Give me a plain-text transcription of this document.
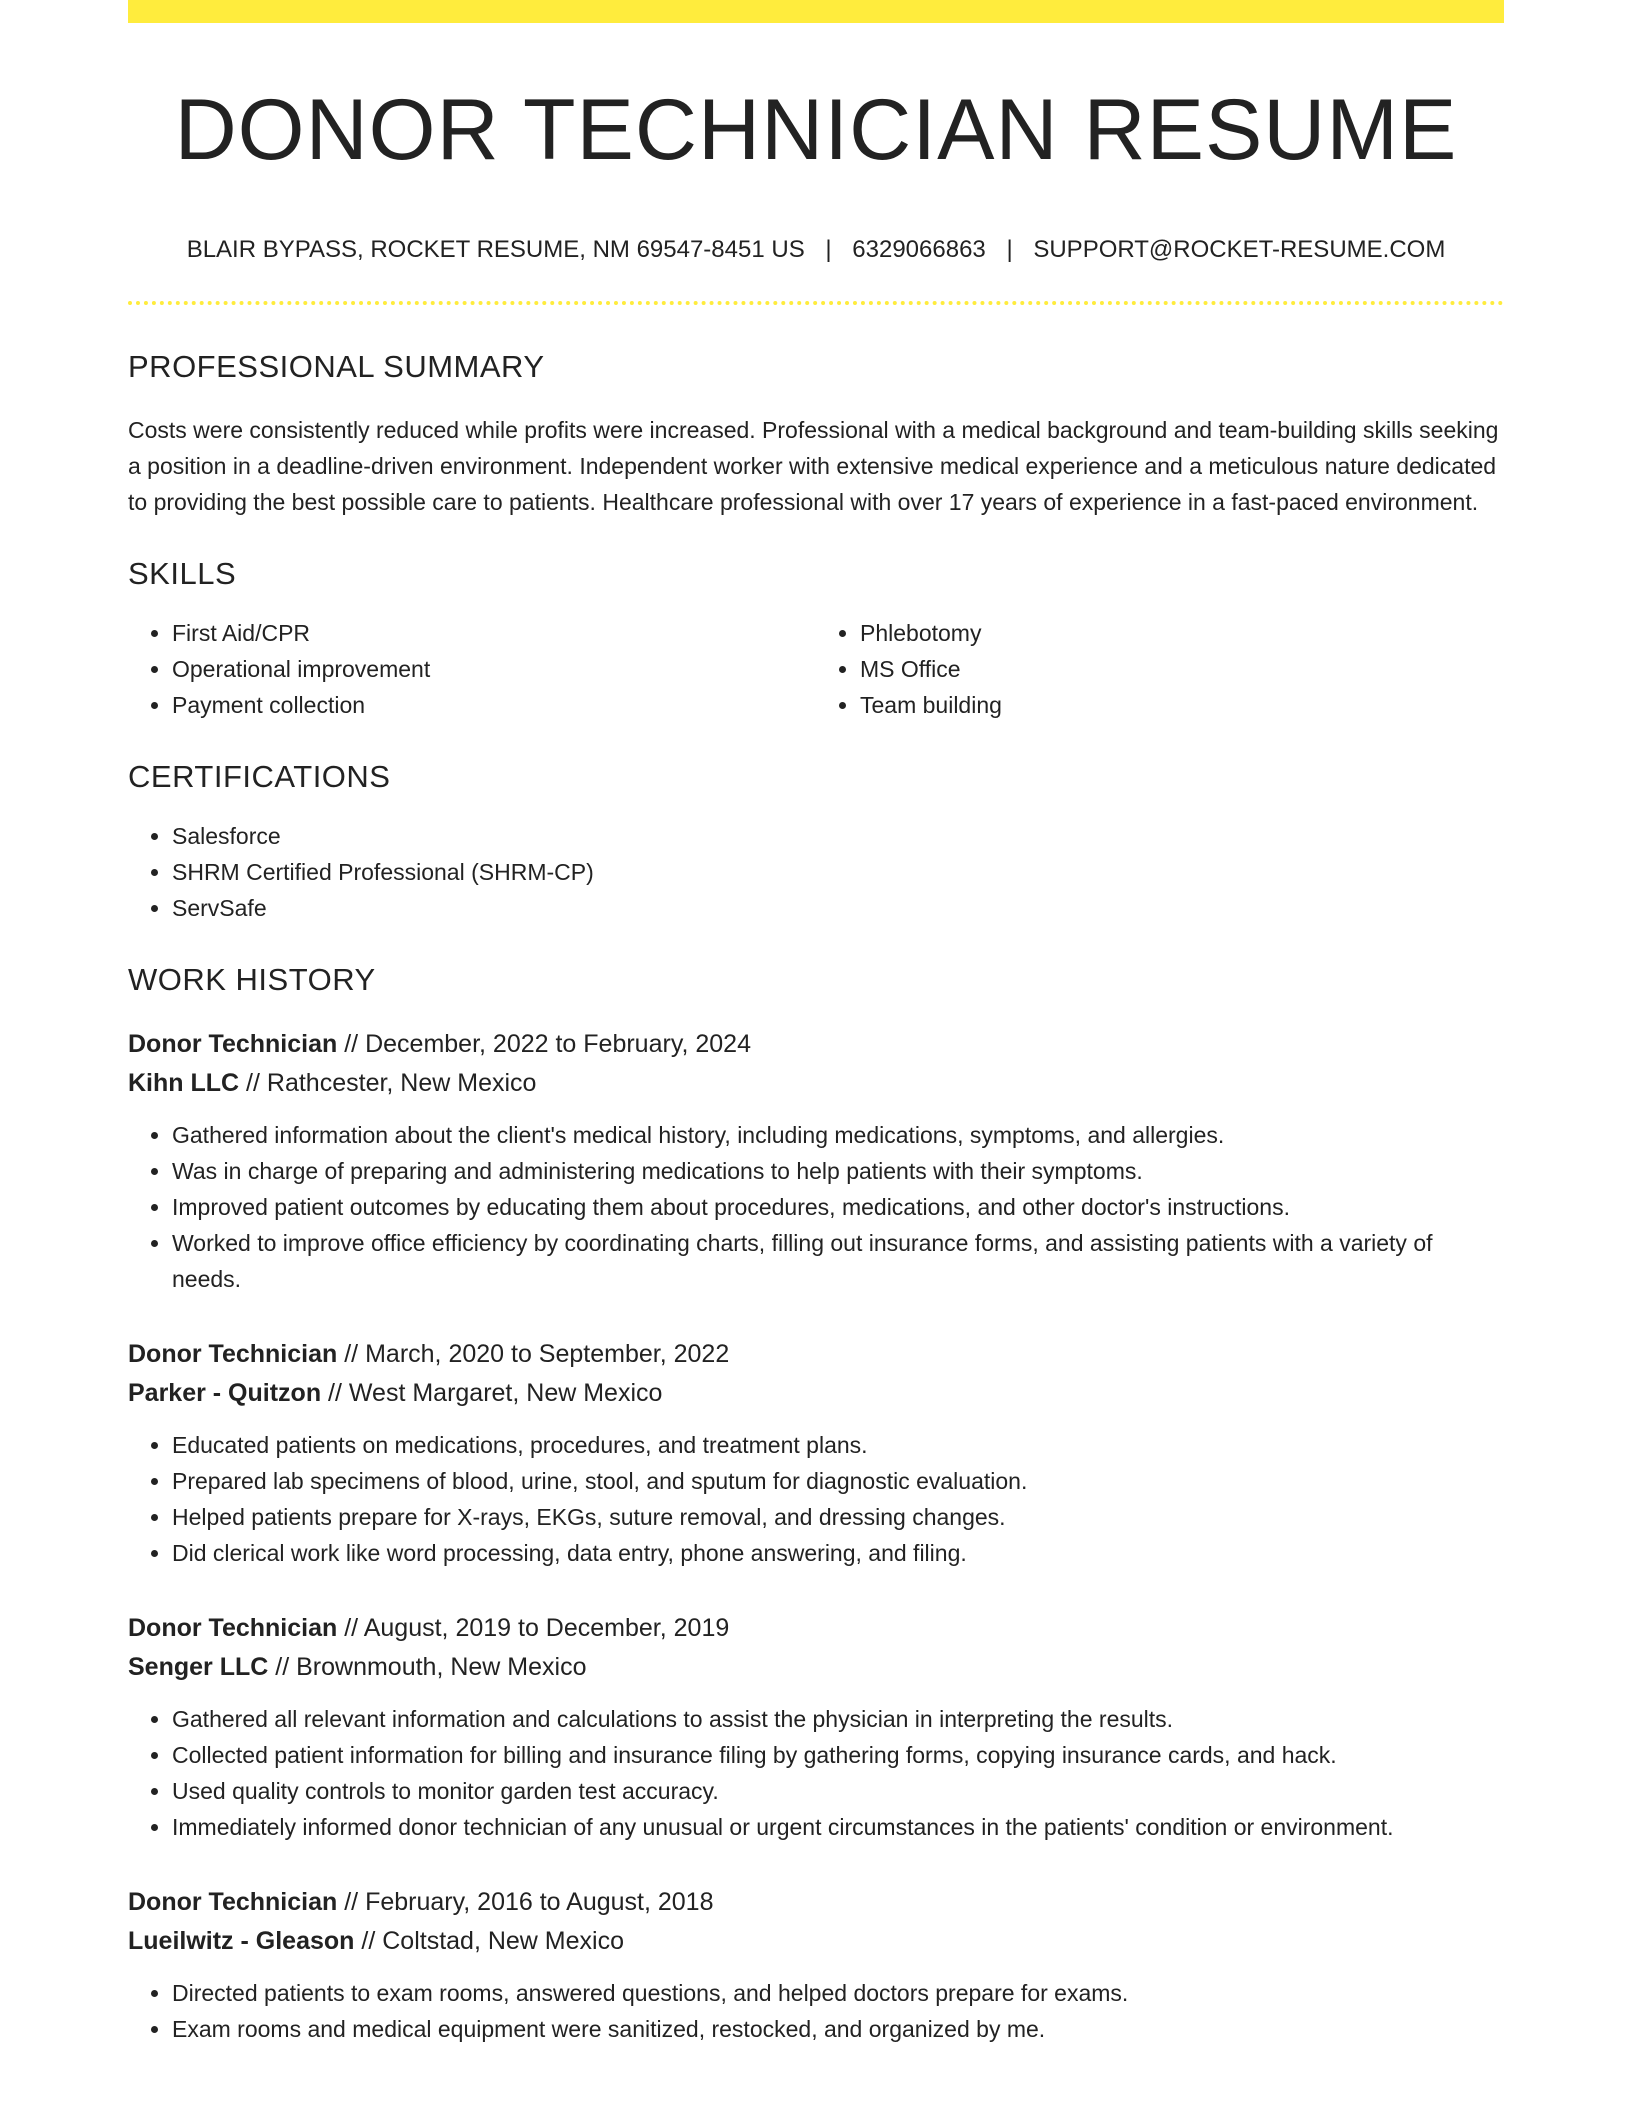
DONOR TECHNICIAN RESUME
BLAIR BYPASS, ROCKET RESUME, NM 69547-8451 US | 6329066863 | SUPPORT@ROCKET-RESUME.COM
PROFESSIONAL SUMMARY

Costs were consistently reduced while profits were increased. Professional with a medical background and team-building skills seeking a position in a deadline-driven environment. Independent worker with extensive medical experience and a meticulous nature dedicated to providing the best possible care to patients. Healthcare professional with over 17 years of experience in a fast-paced environment.

SKILLS
• First Aid/CPR
• Operational improvement
• Payment collection
• Phlebotomy
• MS Office
• Team building
CERTIFICATIONS
• Salesforce
• SHRM Certified Professional (SHRM-CP)
• ServSafe
WORK HISTORY
Donor Technician // December, 2022 to February, 2024
Kihn LLC // Rathcester, New Mexico
• Gathered information about the client's medical history, including medications, symptoms, and allergies.
• Was in charge of preparing and administering medications to help patients with their symptoms.
• Improved patient outcomes by educating them about procedures, medications, and other doctor's instructions.
• Worked to improve office efficiency by coordinating charts, filling out insurance forms, and assisting patients with a variety of needs.
Donor Technician // March, 2020 to September, 2022
Parker - Quitzon // West Margaret, New Mexico
• Educated patients on medications, procedures, and treatment plans.
• Prepared lab specimens of blood, urine, stool, and sputum for diagnostic evaluation.
• Helped patients prepare for X-rays, EKGs, suture removal, and dressing changes.
• Did clerical work like word processing, data entry, phone answering, and filing.
Donor Technician // August, 2019 to December, 2019
Senger LLC // Brownmouth, New Mexico
• Gathered all relevant information and calculations to assist the physician in interpreting the results.
• Collected patient information for billing and insurance filing by gathering forms, copying insurance cards, and hack.
• Used quality controls to monitor garden test accuracy.
• Immediately informed donor technician of any unusual or urgent circumstances in the patients' condition or environment.
Donor Technician // February, 2016 to August, 2018
Lueilwitz - Gleason // Coltstad, New Mexico
• Directed patients to exam rooms, answered questions, and helped doctors prepare for exams.
• Exam rooms and medical equipment were sanitized, restocked, and organized by me.
